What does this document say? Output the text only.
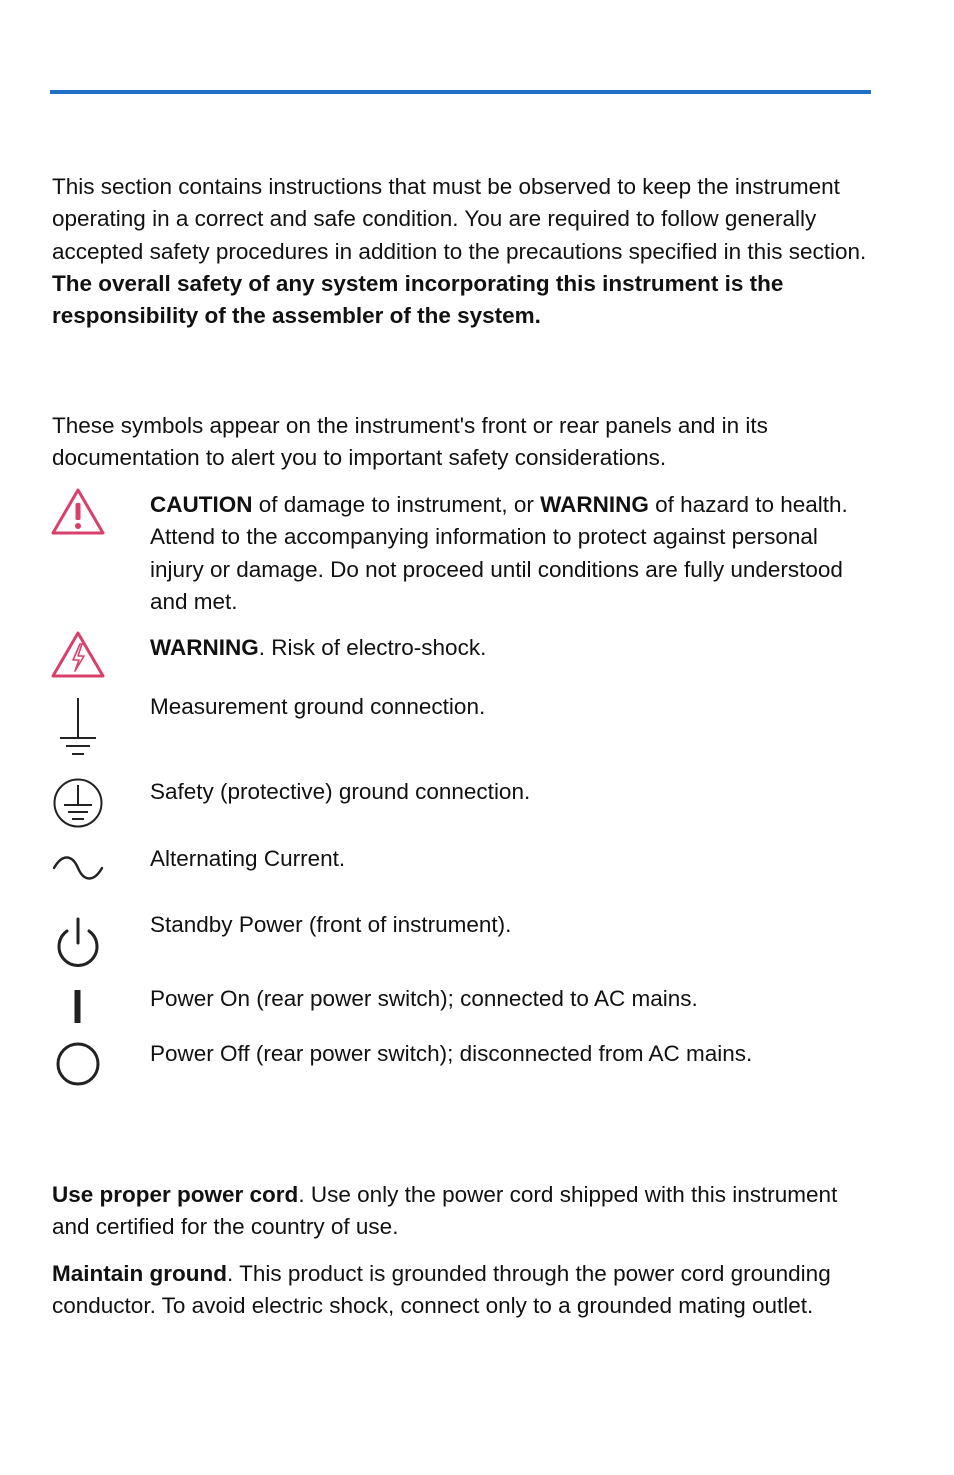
This section contains instructions that must be observed to keep the instrument operating in a correct and safe condition. You are required to follow generally accepted safety procedures in addition to the precautions specified in this section. The overall safety of any system incorporating this instrument is the responsibility of the assembler of the system.

These symbols appear on the instrument's front or rear panels and in its documentation to alert you to important safety considerations.

CAUTION of damage to instrument, or WARNING of hazard to health. Attend to the accompanying information to protect against personal injury or damage. Do not proceed until conditions are fully understood and met.

WARNING. Risk of electro-shock.

Measurement ground connection.

Safety (protective) ground connection.

Alternating Current.

Standby Power (front of instrument).

Power On (rear power switch); connected to AC mains.

Power Off (rear power switch); disconnected from AC mains.

Use proper power cord. Use only the power cord shipped with this instrument and certified for the country of use.

Maintain ground. This product is grounded through the power cord grounding conductor. To avoid electric shock, connect only to a grounded mating outlet.
